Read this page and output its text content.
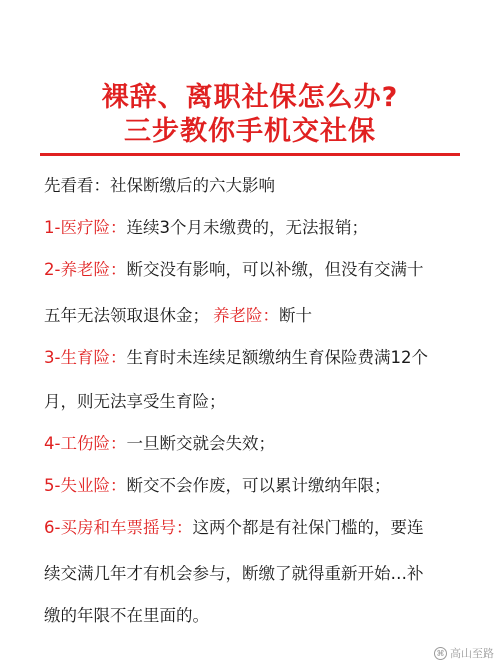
裸辞、离职社保怎么办?
三步教你手机交社保
先看看：社保断缴后的六大影响
1-医疗险：连续3个月未缴费的，无法报销；
2-养老险：断交没有影响，可以补缴，但没有交满十
五年无法领取退休金； 养老险：断十
3-生育险：生育时未连续足额缴纳生育保险费满12个
月，则无法享受生育险；
4-工伤险：一旦断交就会失效；
5-失业险：断交不会作废，可以累计缴纳年限；
6-买房和车票摇号：这两个都是有社保门槛的，要连
续交满几年才有机会参与，断缴了就得重新开始…补
缴的年限不在里面的。
⌘ 高山至路
